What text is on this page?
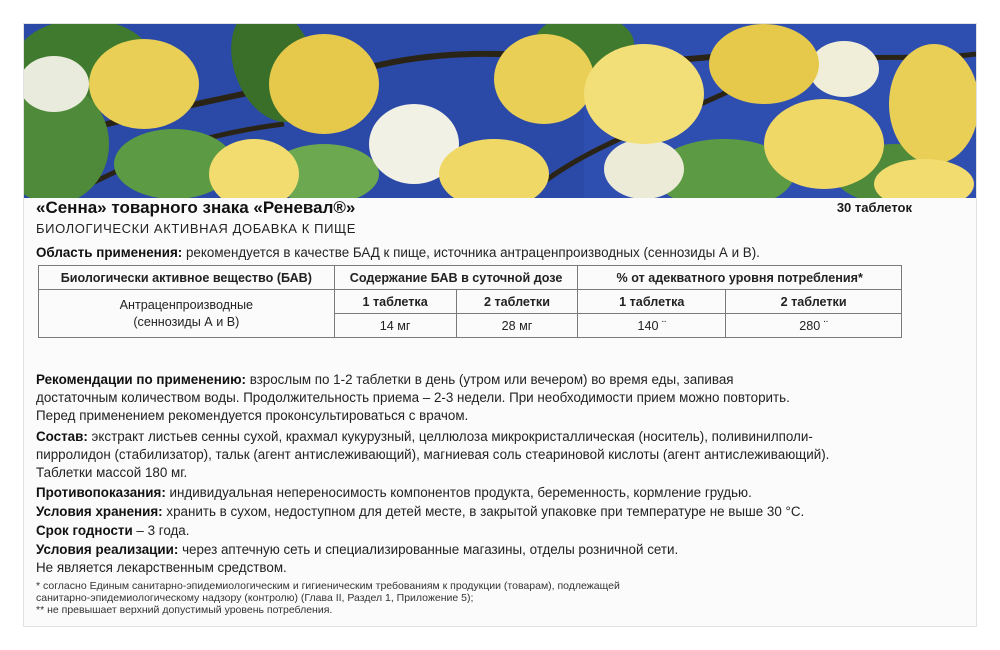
«Сенна» товарного знака «Реневал®»	30 таблеток
БИОЛОГИЧЕСКИ АКТИВНАЯ ДОБАВКА К ПИЩЕ
Область применения: рекомендуется в качестве БАД к пище, источника антраценпроизводных (сеннозиды А и В).
Биологически активное вещество (БАВ)	Содержание БАВ в суточной дозе		% от адекватного уровня потребления*	
Антраценпроизводные
(сеннозиды А и В)	1 таблетка	2 таблетки	1 таблетка	2 таблетки
	14 мг	28 мг	140 ¨	280 ¨
Рекомендации по применению: взрослым по 1-2 таблетки в день (утром или вечером) во время еды, запивая
достаточным количеством воды. Продолжительность приема – 2-3 недели. При необходимости прием можно повторить.
Перед применением рекомендуется проконсультироваться с врачом.
Состав: экстракт листьев сенны сухой, крахмал кукурузный, целлюлоза микрокристаллическая (носитель), поливинилполи-
пирролидон (стабилизатор), тальк (агент антислеживающий), магниевая соль стеариновой кислоты (агент антислеживающий).
Таблетки массой 180 мг.
Противопоказания: индивидуальная непереносимость компонентов продукта, беременность, кормление грудью.
Условия хранения: хранить в сухом, недоступном для детей месте, в закрытой упаковке при температуре не выше 30 °С.
Срок годности – 3 года.
Условия реализации: через аптечную сеть и специализированные магазины, отделы розничной сети.
Не является лекарственным средством.
* согласно Единым санитарно-эпидемиологическим и гигиеническим требованиям к продукции (товарам), подлежащей
санитарно-эпидемиологическому надзору (контролю) (Глава II, Раздел 1, Приложение 5);
** не превышает верхний допустимый уровень потребления.
